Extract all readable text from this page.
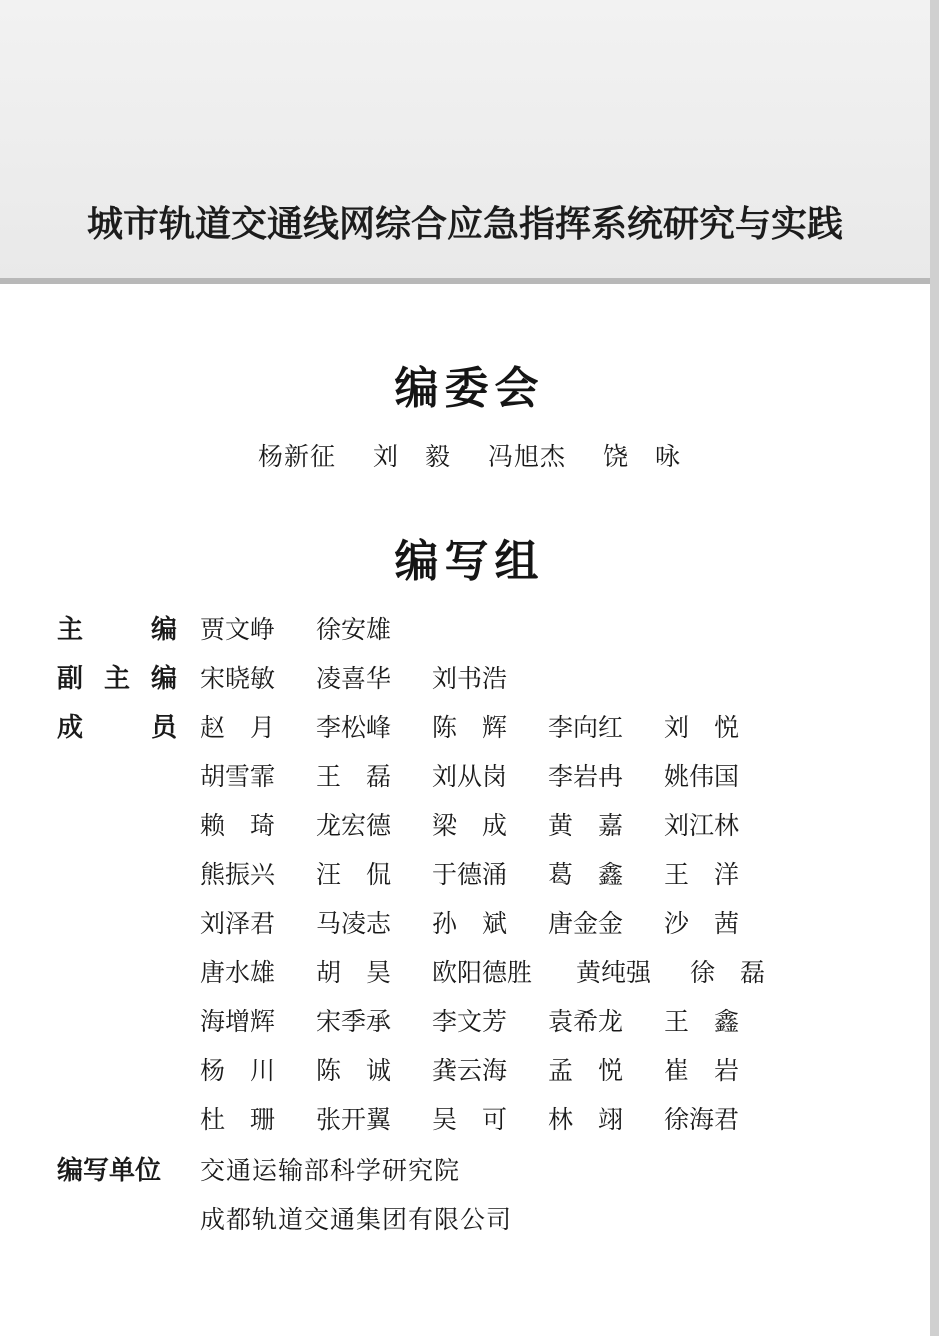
城市轨道交通线网综合应急指挥系统研究与实践
编委会
杨新征 刘　毅 冯旭杰 饶　咏
编写组
主	编 贾文峥 徐安雄
副 主 编 宋晓敏 凌喜华 刘书浩
成	员 赵　月 李松峰 陈　辉 李向红 刘　悦
胡雪霏 王　磊 刘从岗 李岩冉 姚伟国
赖　琦 龙宏德 梁　成 黄　嘉 刘江林
熊振兴 汪　侃 于德涌 葛　鑫 王　洋
刘泽君 马凌志 孙　斌 唐金金 沙　茜
唐水雄 胡　昊 欧阳德胜 黄纯强 徐　磊
海增辉 宋季承 李文芳 袁希龙 王　鑫
杨　川 陈　诚 龚云海 孟　悦 崔　岩
杜　珊 张开翼 吴　可 林　翊 徐海君
编写单位 交通运输部科学研究院
成都轨道交通集团有限公司
